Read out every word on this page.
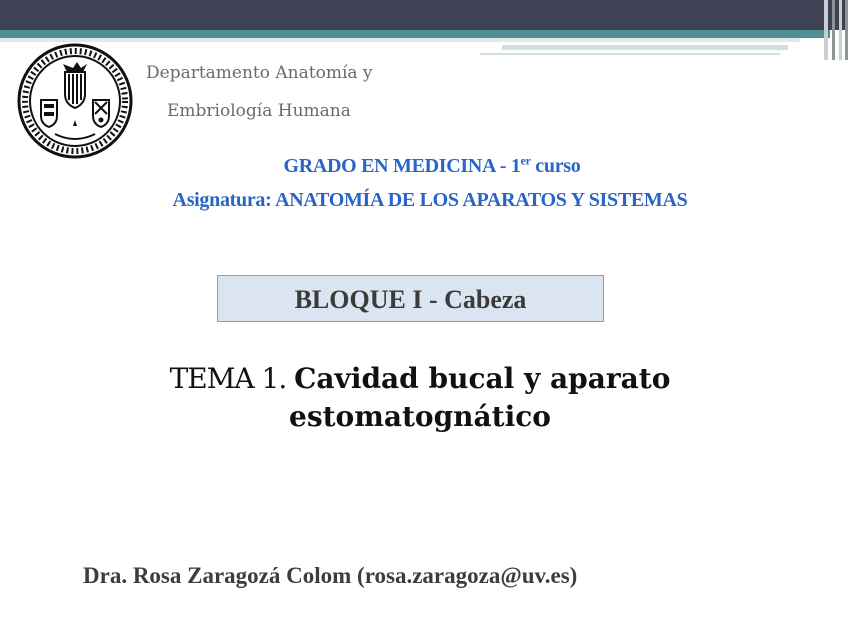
Departamento Anatomía y
Embriología Humana
GRADO EN MEDICINA - 1er curso
Asignatura: ANATOMÍA DE LOS APARATOS Y SISTEMAS
BLOQUE I - Cabeza
TEMA 1. Cavidad bucal y aparato
estomatognático
Dra. Rosa Zaragozá Colom (rosa.zaragoza@uv.es)
